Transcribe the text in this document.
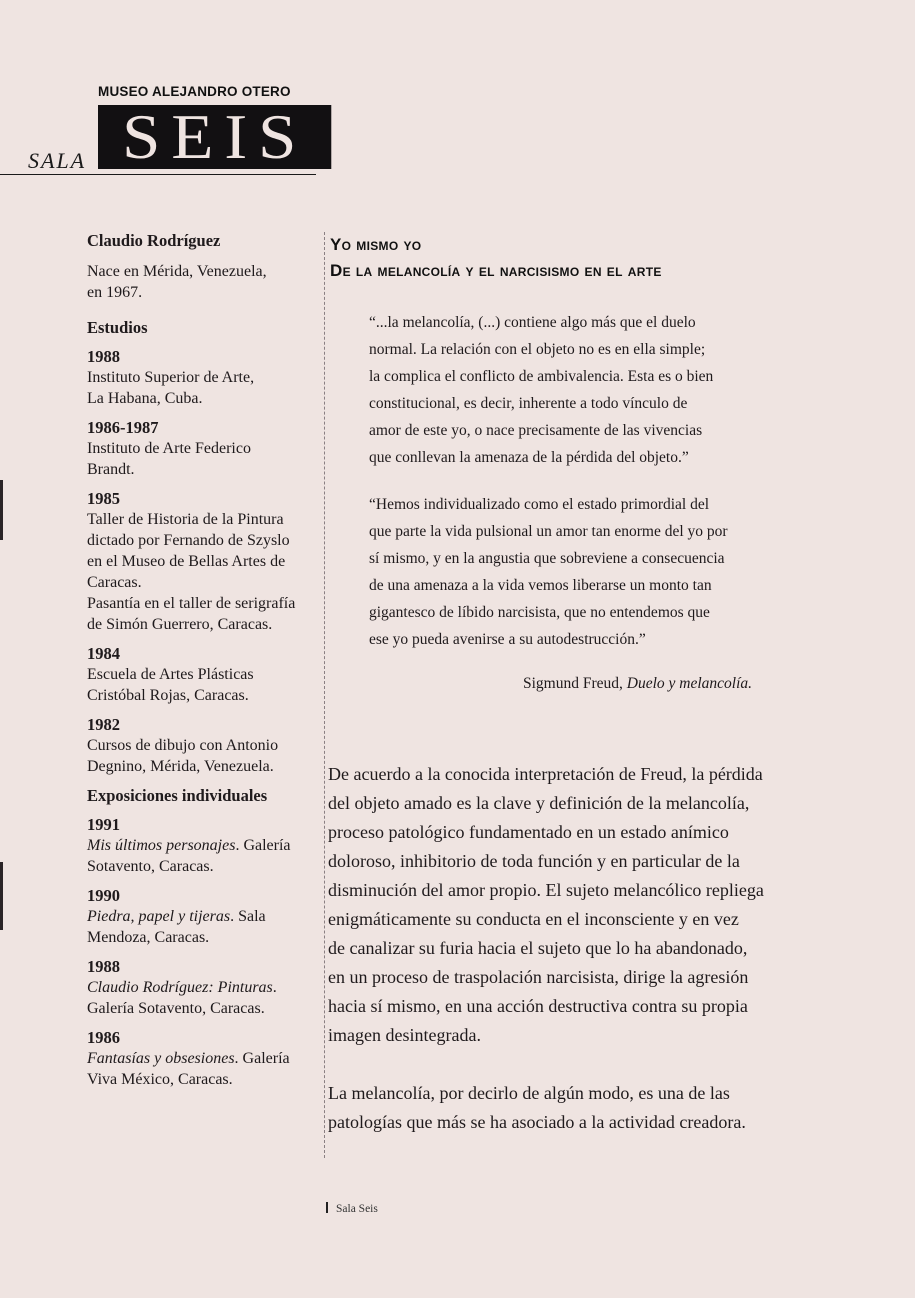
MUSEO ALEJANDRO OTERO
SEIS
SALA
Claudio Rodríguez
Nace en Mérida, Venezuela,
en 1967.
Estudios
1988
Instituto Superior de Arte,
La Habana, Cuba.
1986-1987
Instituto de Arte Federico
Brandt.
1985
Taller de Historia de la Pintura
dictado por Fernando de Szyslo
en el Museo de Bellas Artes de
Caracas.
Pasantía en el taller de serigrafía
de Simón Guerrero, Caracas.
1984
Escuela de Artes Plásticas
Cristóbal Rojas, Caracas.
1982
Cursos de dibujo con Antonio
Degnino, Mérida, Venezuela.
Exposiciones individuales
1991
Mis últimos personajes. Galería
Sotavento, Caracas.
1990
Piedra, papel y tijeras. Sala
Mendoza, Caracas.
1988
Claudio Rodríguez: Pinturas.
Galería Sotavento, Caracas.
1986
Fantasías y obsesiones. Galería
Viva México, Caracas.
Yo mismo yo
De la melancolía y el narcisismo en el arte
“...la melancolía, (...) contiene algo más que el duelo
normal. La relación con el objeto no es en ella simple;
la complica el conflicto de ambivalencia. Esta es o bien
constitucional, es decir, inherente a todo vínculo de
amor de este yo, o nace precisamente de las vivencias
que conllevan la amenaza de la pérdida del objeto.”
“Hemos individualizado como el estado primordial del
que parte la vida pulsional un amor tan enorme del yo por
sí mismo, y en la angustia que sobreviene a consecuencia
de una amenaza a la vida vemos liberarse un monto tan
gigantesco de líbido narcisista, que no entendemos que
ese yo pueda avenirse a su autodestrucción.”
Sigmund Freud, Duelo y melancolía.
De acuerdo a la conocida interpretación de Freud, la pérdida
del objeto amado es la clave y definición de la melancolía,
proceso patológico fundamentado en un estado anímico
doloroso, inhibitorio de toda función y en particular de la
disminución del amor propio. El sujeto melancólico repliega
enigmáticamente su conducta en el inconsciente y en vez
de canalizar su furia hacia el sujeto que lo ha abandonado,
en un proceso de traspolación narcisista, dirige la agresión
hacia sí mismo, en una acción destructiva contra su propia
imagen desintegrada.
La melancolía, por decirlo de algún modo, es una de las
patologías que más se ha asociado a la actividad creadora.
Sala Seis
